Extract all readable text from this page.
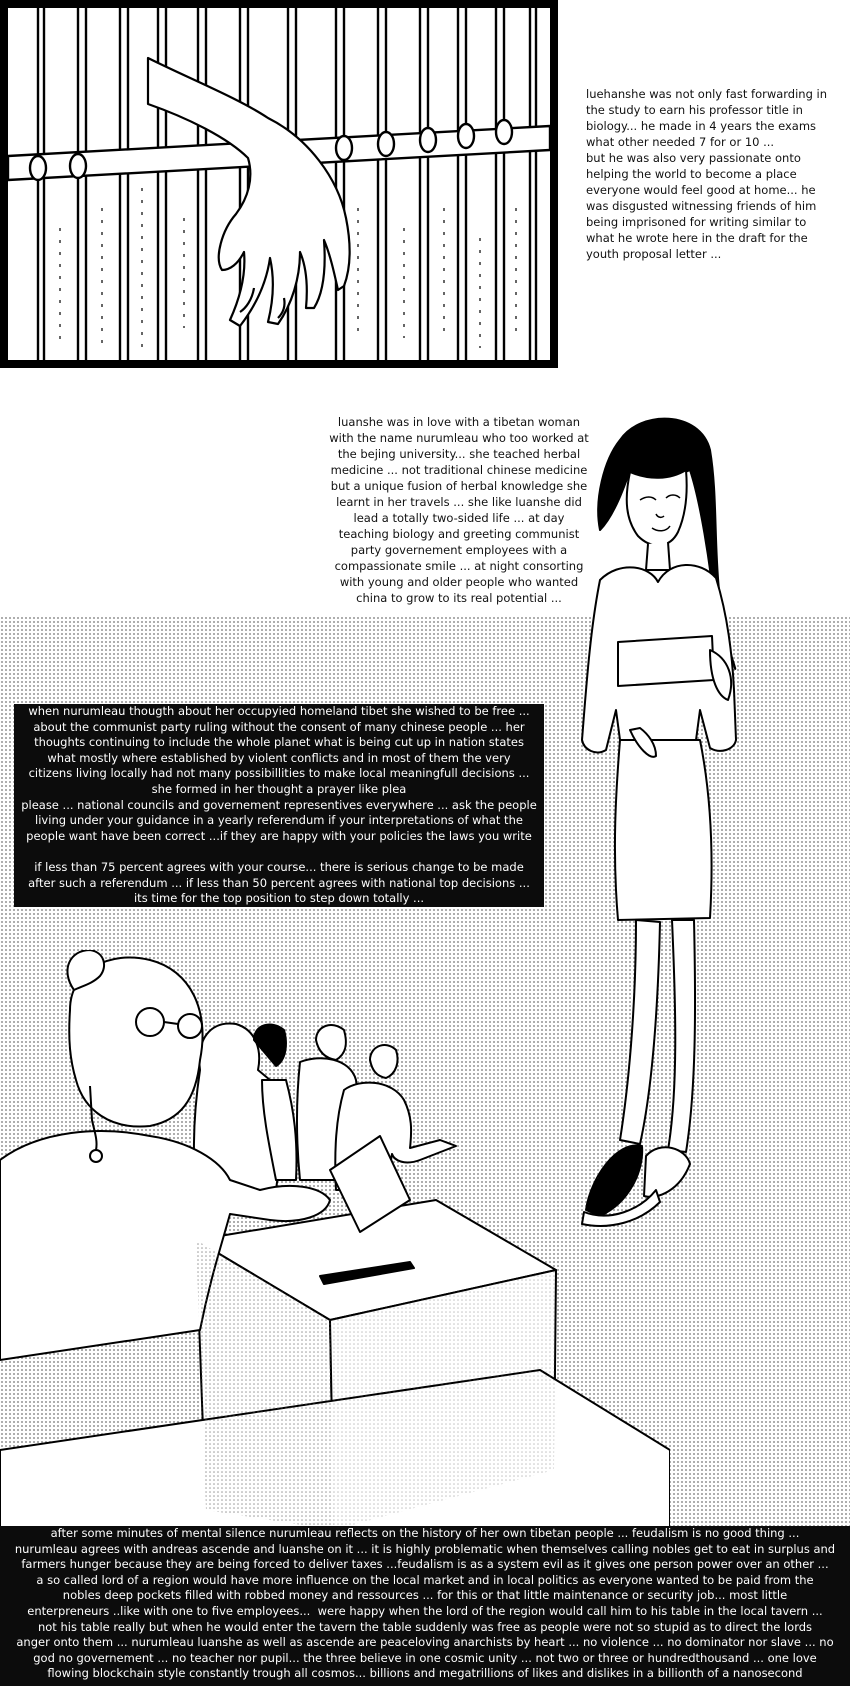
luehanshe was not only fast forwarding in the study to earn his professor title in biology... he made in 4 years the exams what other needed 7 for or 10 ...
but he was also very passionate onto helping the world to become a place everyone would feel good at home... he was disgusted witnessing friends of him being imprisoned for writing similar to what he wrote here in the draft for the youth proposal letter ...
luanshe was in love with a tibetan woman with the name nurumleau who too worked at the bejing university... she teached herbal medicine ... not traditional chinese medicine but a unique fusion of herbal knowledge she learnt in her travels ... she like luanshe did lead a totally two-sided life ... at day teaching biology and greeting communist party governement employees with a compassionate smile ... at night consorting with young and older people who wanted china to grow to its real potential ...
when nurumleau thougth about her occupyied homeland tibet she wished to be free ...
about the communist party ruling without the consent of many chinese people ... her
thoughts continuing to include the whole planet what is being cut up in nation states
what mostly where established by violent conflicts and in most of them the very
citizens living locally had not many possibillities to make local meaningfull decisions ...
she formed in her thought a prayer like plea
please ... national councils and governement representives everywhere ... ask the people
living under your guidance in a yearly referendum if your interpretations of what the
people want have been correct ...if they are happy with your policies the laws you write

if less than 75 percent agrees with your course... there is serious change to be made
after such a referendum ... if less than 50 percent agrees with national top decisions ...
its time for the top position to step down totally ...
after some minutes of mental silence nurumleau reflects on the history of her own tibetan people ... feudalism is no good thing ...
nurumleau agrees with andreas ascende and luanshe on it ... it is highly problematic when themselves calling nobles get to eat in surplus and
farmers hunger because they are being forced to deliver taxes ...feudalism is as a system evil as it gives one person power over an other ...
a so called lord of a region would have more influence on the local market and in local politics as everyone wanted to be paid from the
nobles deep pockets filled with robbed money and ressources ... for this or that little maintenance or security job... most little
enterpreneurs ..like with one to five employees...  were happy when the lord of the region would call him to his table in the local tavern ...
not his table really but when he would enter the tavern the table suddenly was free as people were not so stupid as to direct the lords
anger onto them ... nurumleau luanshe as well as ascende are peaceloving anarchists by heart ... no violence ... no dominator nor slave ... no
god no governement ... no teacher nor pupil... the three believe in one cosmic unity ... not two or three or hundredthousand ... one love
flowing blockchain style constantly trough all cosmos... billions and megatrillions of likes and dislikes in a billionth of a nanosecond
